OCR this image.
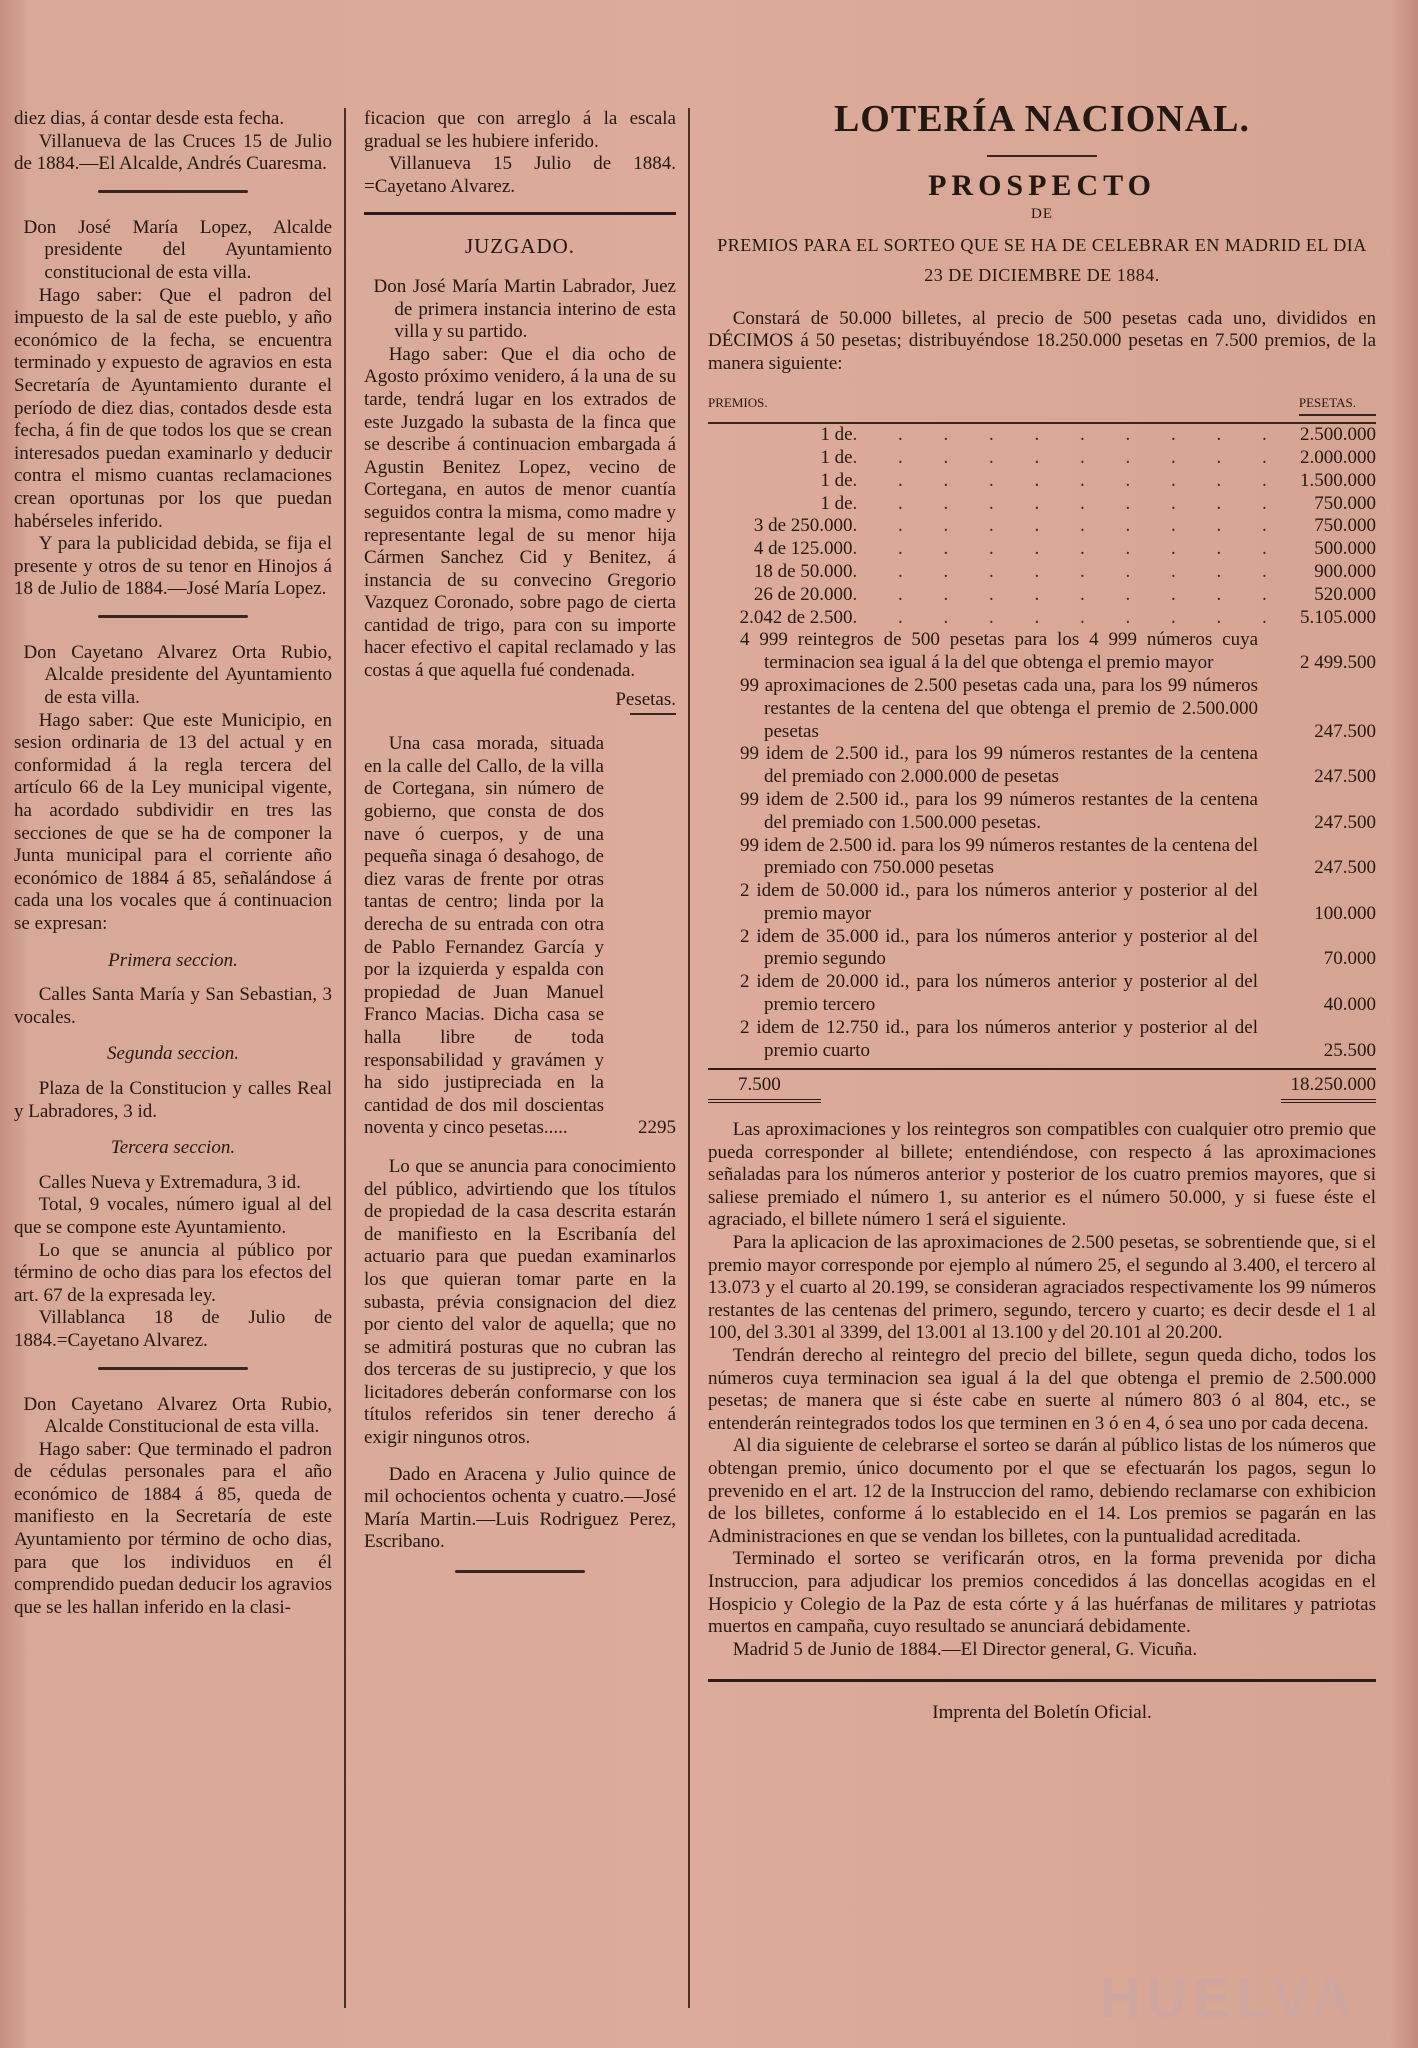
diez dias, á contar desde esta fecha.

Villanueva de las Cruces 15 de Julio de 1884.—El Alcalde, Andrés Cuaresma.

Don José María Lopez, Alcalde presidente del Ayuntamiento constitucional de esta villa.

Hago saber: Que el padron del impuesto de la sal de este pueblo, y año económico de la fecha, se encuentra terminado y expuesto de agravios en esta Secretaría de Ayuntamiento durante el período de diez dias, contados desde esta fecha, á fin de que todos los que se crean interesados puedan examinarlo y deducir contra el mismo cuantas reclamaciones crean oportunas por los que puedan habérseles inferido.

Y para la publicidad debida, se fija el presente y otros de su tenor en Hinojos á 18 de Julio de 1884.—José María Lopez.

Don Cayetano Alvarez Orta Rubio, Alcalde presidente del Ayuntamiento de esta villa.

Hago saber: Que este Municipio, en sesion ordinaria de 13 del actual y en conformidad á la regla tercera del artículo 66 de la Ley municipal vigente, ha acordado subdividir en tres las secciones de que se ha de componer la Junta municipal para el corriente año económico de 1884 á 85, señalándose á cada una los vocales que á continuacion se expresan:

Primera seccion.

Calles Santa María y San Sebastian, 3 vocales.

Segunda seccion.

Plaza de la Constitucion y calles Real y Labradores, 3 id.

Tercera seccion.

Calles Nueva y Extremadura, 3 id.

Total, 9 vocales, número igual al del que se compone este Ayuntamiento.

Lo que se anuncia al público por término de ocho dias para los efectos del art. 67 de la expresada ley.

Villablanca 18 de Julio de 1884.=Cayetano Alvarez.

Don Cayetano Alvarez Orta Rubio, Alcalde Constitucional de esta villa.

Hago saber: Que terminado el padron de cédulas personales para el año económico de 1884 á 85, queda de manifiesto en la Secretaría de este Ayuntamiento por término de ocho dias, para que los individuos en él comprendido puedan deducir los agravios que se les hallan inferido en la clasi-

ficacion que con arreglo á la escala gradual se les hubiere inferido.

Villanueva 15 Julio de 1884. =Cayetano Alvarez.

JUZGADO.

Don José María Martin Labrador, Juez de primera instancia interino de esta villa y su partido.

Hago saber: Que el dia ocho de Agosto próximo venidero, á la una de su tarde, tendrá lugar en los extrados de este Juzgado la subasta de la finca que se describe á continuacion embargada á Agustin Benitez Lopez, vecino de Cortegana, en autos de menor cuantía seguidos contra la misma, como madre y representante legal de su menor hija Cármen Sanchez Cid y Benitez, á instancia de su convecino Gregorio Vazquez Coronado, sobre pago de cierta cantidad de trigo, para con su importe hacer efectivo el capital reclamado y las costas á que aquella fué condenada.

Pesetas.

Una casa morada, situada en la calle del Callo, de la villa de Cortegana, sin número de gobierno, que consta de dos nave ó cuerpos, y de una pequeña sinaga ó desahogo, de diez varas de frente por otras tantas de centro; linda por la derecha de su entrada con otra de Pablo Fernandez García y por la izquierda y espalda con propiedad de Juan Manuel Franco Macias. Dicha casa se halla libre de toda responsabilidad y gravámen y ha sido justipreciada en la cantidad de dos mil doscientas noventa y cinco pesetas.....	2295

Lo que se anuncia para conocimiento del público, advirtiendo que los títulos de propiedad de la casa descrita estarán de manifiesto en la Escribanía del actuario para que puedan examinarlos los que quieran tomar parte en la subasta, prévia consignacion del diez por ciento del valor de aquella; que no se admitirá posturas que no cubran las dos terceras de su justiprecio, y que los licitadores deberán conformarse con los títulos referidos sin tener derecho á exigir ningunos otros.

Dado en Aracena y Julio quince de mil ochocientos ochenta y cuatro.—José María Martin.—Luis Rodriguez Perez, Escribano.

LOTERÍA NACIONAL.

PROSPECTO

DE

PREMIOS PARA EL SORTEO QUE SE HA DE CELEBRAR EN MADRID EL DIA
23 DE DICIEMBRE DE 1884.

Constará de 50.000 billetes, al precio de 500 pesetas cada uno, divididos en DÉCIMOS á 50 pesetas; distribuyéndose 18.250.000 pesetas en 7.500 premios, de la manera siguiente:

PREMIOS.	PESETAS.
1 de	. . . . . . . . . .	2.500.000
1 de	. . . . . . . . . .	2.000.000
1 de	. . . . . . . . . .	1.500.000
1 de	. . . . . . . . . .	750.000
3 de 250.000	. . . . . . . . . .	750.000
4 de 125.000	. . . . . . . . . .	500.000
18 de 50.000	. . . . . . . . . .	900.000
26 de 20.000	. . . . . . . . . .	520.000
2.042 de 2.500	. . . . . . . . . .	5.105.000

4 999 reintegros de 500 pesetas para los 4 999 números cuya terminacion sea igual á la del que obtenga el premio mayor	2 499.500

99 aproximaciones de 2.500 pesetas cada una, para los 99 números restantes de la centena del que obtenga el premio de 2.500.000 pesetas	247.500

99 idem de 2.500 id., para los 99 números restantes de la centena del premiado con 2.000.000 de pesetas	247.500

99 idem de 2.500 id., para los 99 números restantes de la centena del premiado con 1.500.000 pesetas.	247.500

99 idem de 2.500 id. para los 99 números restantes de la centena del premiado con 750.000 pesetas	247.500

2 idem de 50.000 id., para los números anterior y posterior al del premio mayor	100.000

2 idem de 35.000 id., para los números anterior y posterior al del premio segundo	70.000

2 idem de 20.000 id., para los números anterior y posterior al del premio tercero	40.000

2 idem de 12.750 id., para los números anterior y posterior al del premio cuarto	25.500
7.500	18.250.000

Las aproximaciones y los reintegros son compatibles con cualquier otro premio que pueda corresponder al billete; entendiéndose, con respecto á las aproximaciones señaladas para los números anterior y posterior de los cuatro premios mayores, que si saliese premiado el número 1, su anterior es el número 50.000, y si fuese éste el agraciado, el billete número 1 será el siguiente.

Para la aplicacion de las aproximaciones de 2.500 pesetas, se sobrentiende que, si el premio mayor corresponde por ejemplo al número 25, el segundo al 3.400, el tercero al 13.073 y el cuarto al 20.199, se consideran agraciados respectivamente los 99 números restantes de las centenas del primero, segundo, tercero y cuarto; es decir desde el 1 al 100, del 3.301 al 3399, del 13.001 al 13.100 y del 20.101 al 20.200.

Tendrán derecho al reintegro del precio del billete, segun queda dicho, todos los números cuya terminacion sea igual á la del que obtenga el premio de 2.500.000 pesetas; de manera que si éste cabe en suerte al número 803 ó al 804, etc., se entenderán reintegrados todos los que terminen en 3 ó en 4, ó sea uno por cada decena.

Al dia siguiente de celebrarse el sorteo se darán al público listas de los números que obtengan premio, único documento por el que se efectuarán los pagos, segun lo prevenido en el art. 12 de la Instruccion del ramo, debiendo reclamarse con exhibicion de los billetes, conforme á lo establecido en el 14. Los premios se pagarán en las Administraciones en que se vendan los billetes, con la puntualidad acreditada.

Terminado el sorteo se verificarán otros, en la forma prevenida por dicha Instruccion, para adjudicar los premios concedidos á las doncellas acogidas en el Hospicio y Colegio de la Paz de esta córte y á las huérfanas de militares y patriotas muertos en campaña, cuyo resultado se anunciará debidamente.

Madrid 5 de Junio de 1884.—El Director general, G. Vicuña.

Imprenta del Boletín Oficial.

HUELVA
